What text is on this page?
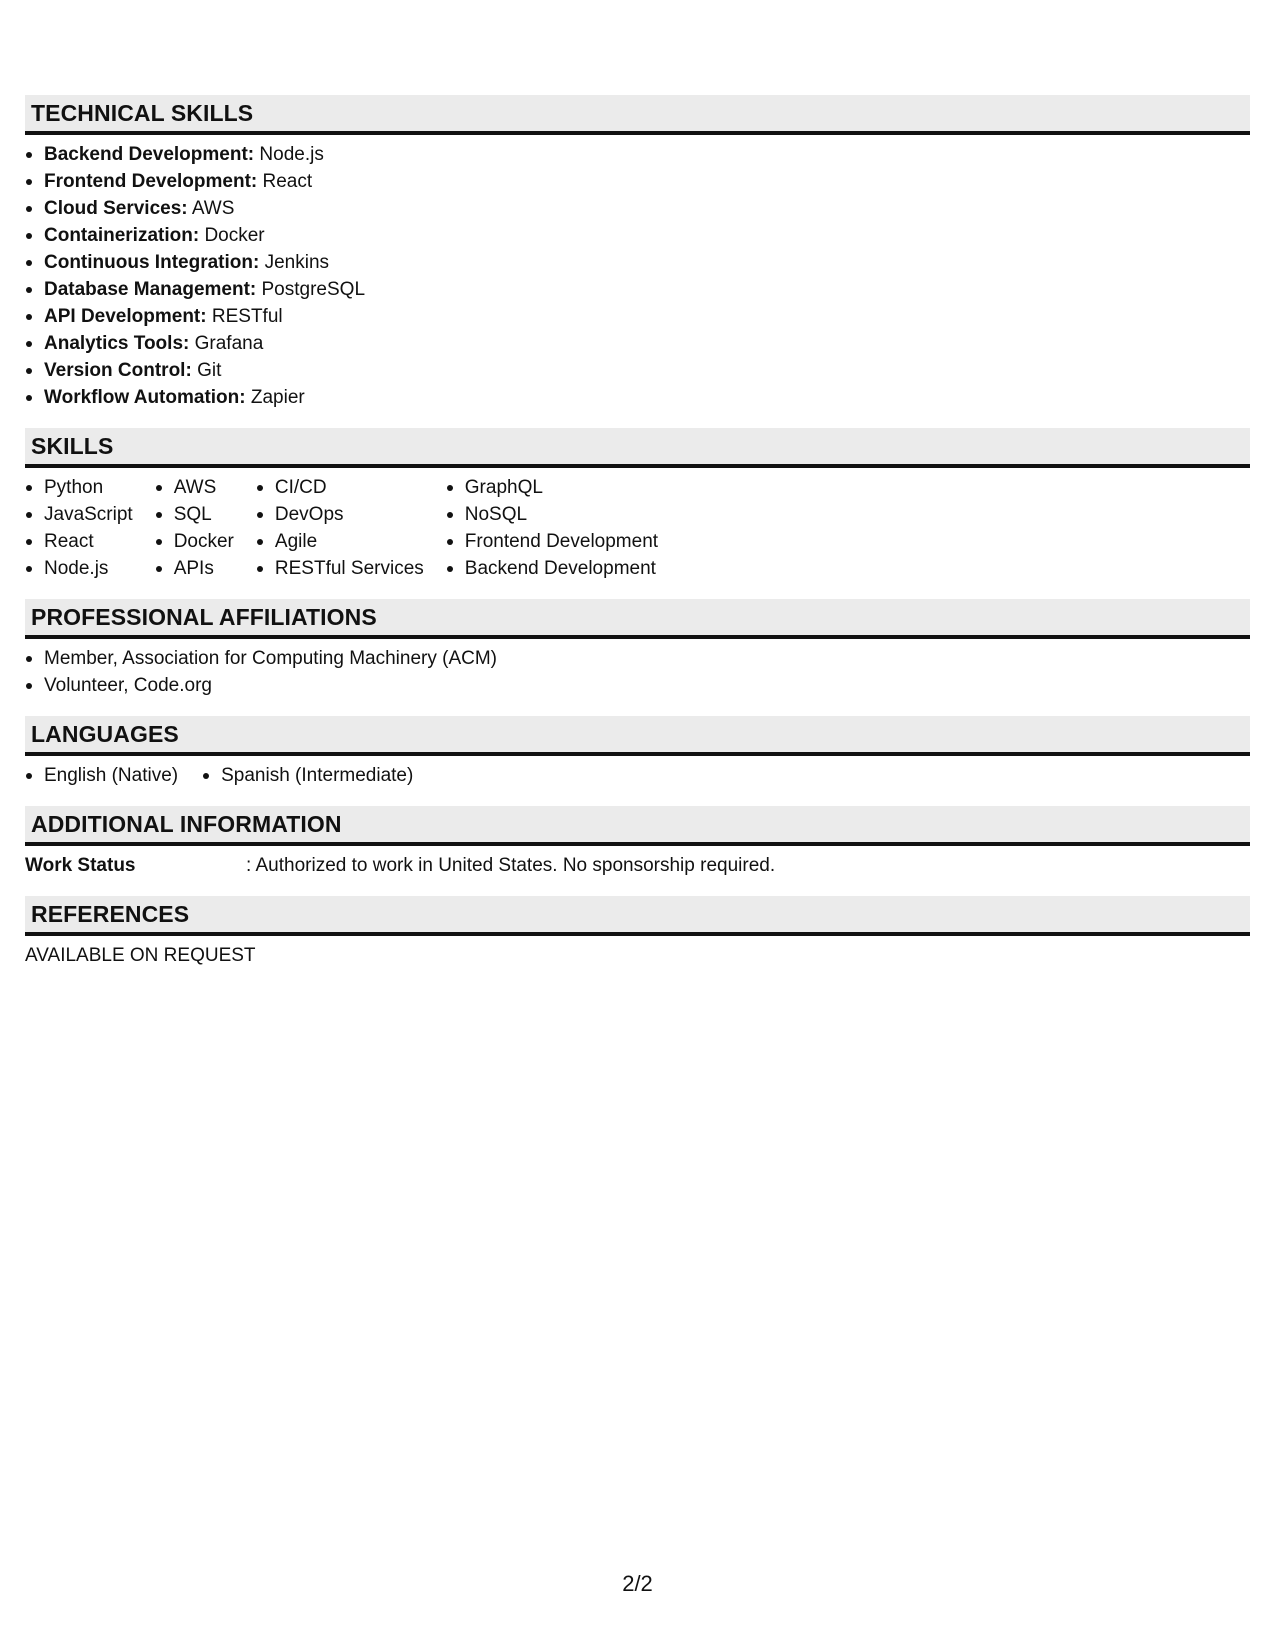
TECHNICAL SKILLS
Backend Development: Node.js
Frontend Development: React
Cloud Services: AWS
Containerization: Docker
Continuous Integration: Jenkins
Database Management: PostgreSQL
API Development: RESTful
Analytics Tools: Grafana
Version Control: Git
Workflow Automation: Zapier
SKILLS
Python
JavaScript
React
Node.js
AWS
SQL
Docker
APIs
CI/CD
DevOps
Agile
RESTful Services
GraphQL
NoSQL
Frontend Development
Backend Development
PROFESSIONAL AFFILIATIONS
Member, Association for Computing Machinery (ACM)
Volunteer, Code.org
LANGUAGES
English (Native)	Spanish (Intermediate)
ADDITIONAL INFORMATION
Work Status	: Authorized to work in United States. No sponsorship required.
REFERENCES
AVAILABLE ON REQUEST
2/2
